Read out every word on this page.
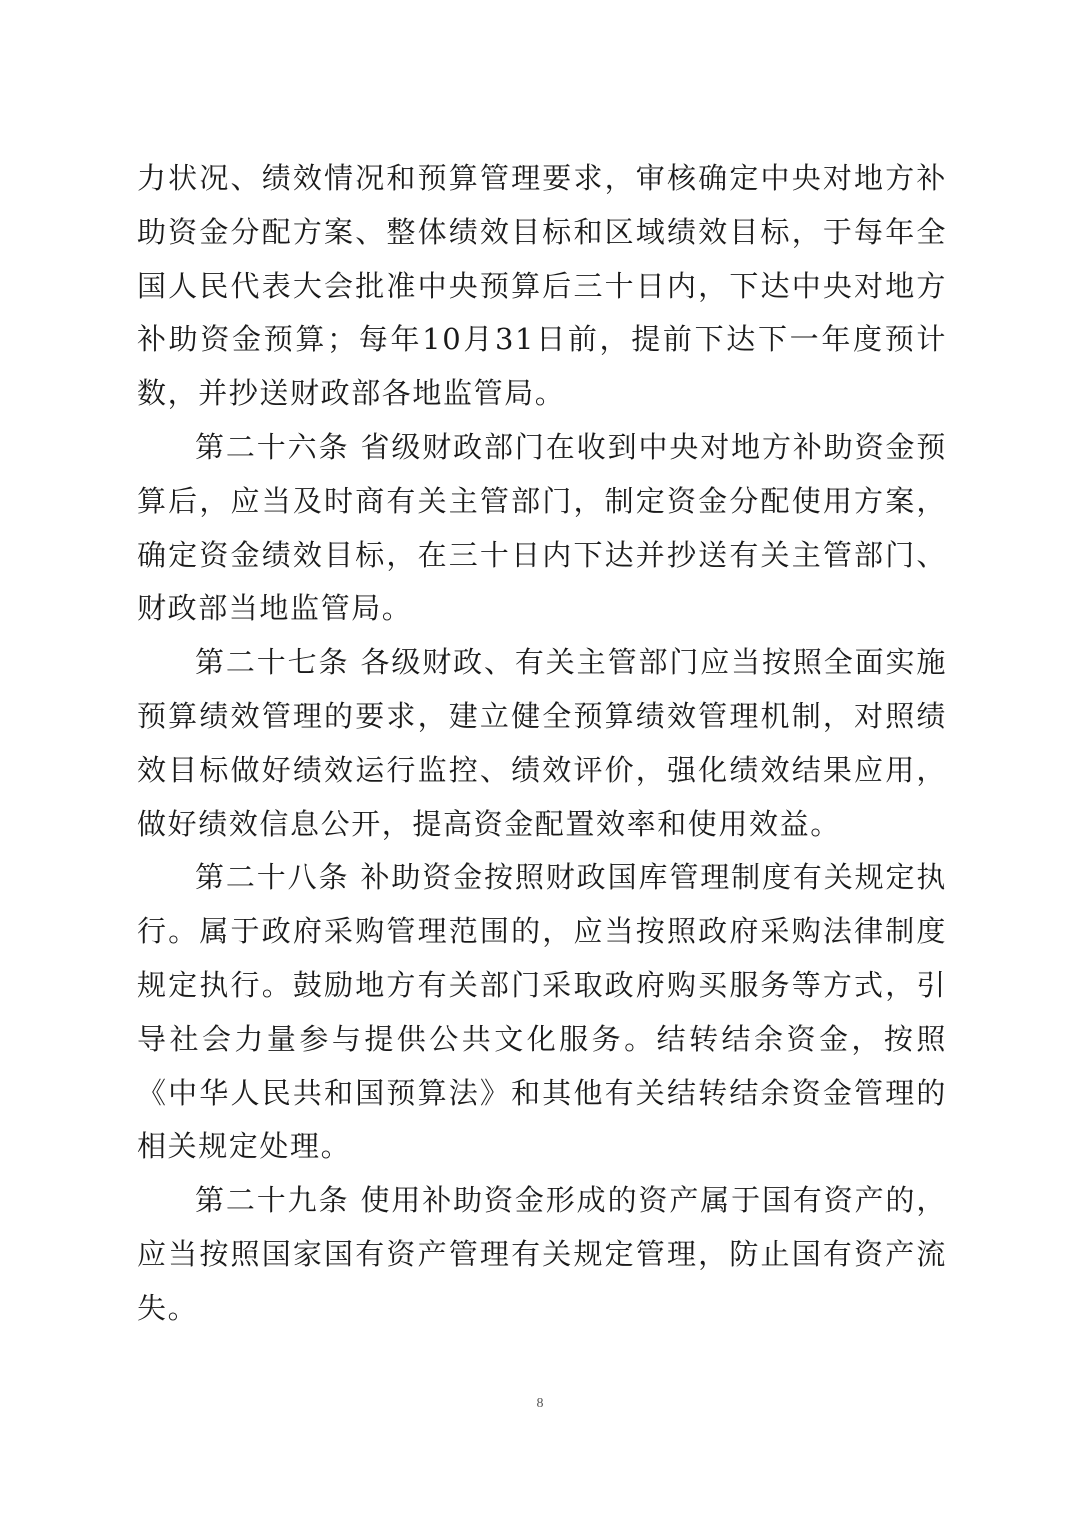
力状况、绩效情况和预算管理要求，审核确定中央对地方补助资金分配方案、整体绩效目标和区域绩效目标，于每年全国人民代表大会批准中央预算后三十日内，下达中央对地方补助资金预算；每年10月31日前，提前下达下一年度预计数，并抄送财政部各地监管局。

第二十六条 省级财政部门在收到中央对地方补助资金预算后，应当及时商有关主管部门，制定资金分配使用方案，确定资金绩效目标，在三十日内下达并抄送有关主管部门、财政部当地监管局。

第二十七条 各级财政、有关主管部门应当按照全面实施预算绩效管理的要求，建立健全预算绩效管理机制，对照绩效目标做好绩效运行监控、绩效评价，强化绩效结果应用，做好绩效信息公开，提高资金配置效率和使用效益。

第二十八条 补助资金按照财政国库管理制度有关规定执行。属于政府采购管理范围的，应当按照政府采购法律制度规定执行。鼓励地方有关部门采取政府购买服务等方式，引导社会力量参与提供公共文化服务。结转结余资金，按照《中华人民共和国预算法》和其他有关结转结余资金管理的相关规定处理。

第二十九条 使用补助资金形成的资产属于国有资产的，应当按照国家国有资产管理有关规定管理，防止国有资产流失。

8
